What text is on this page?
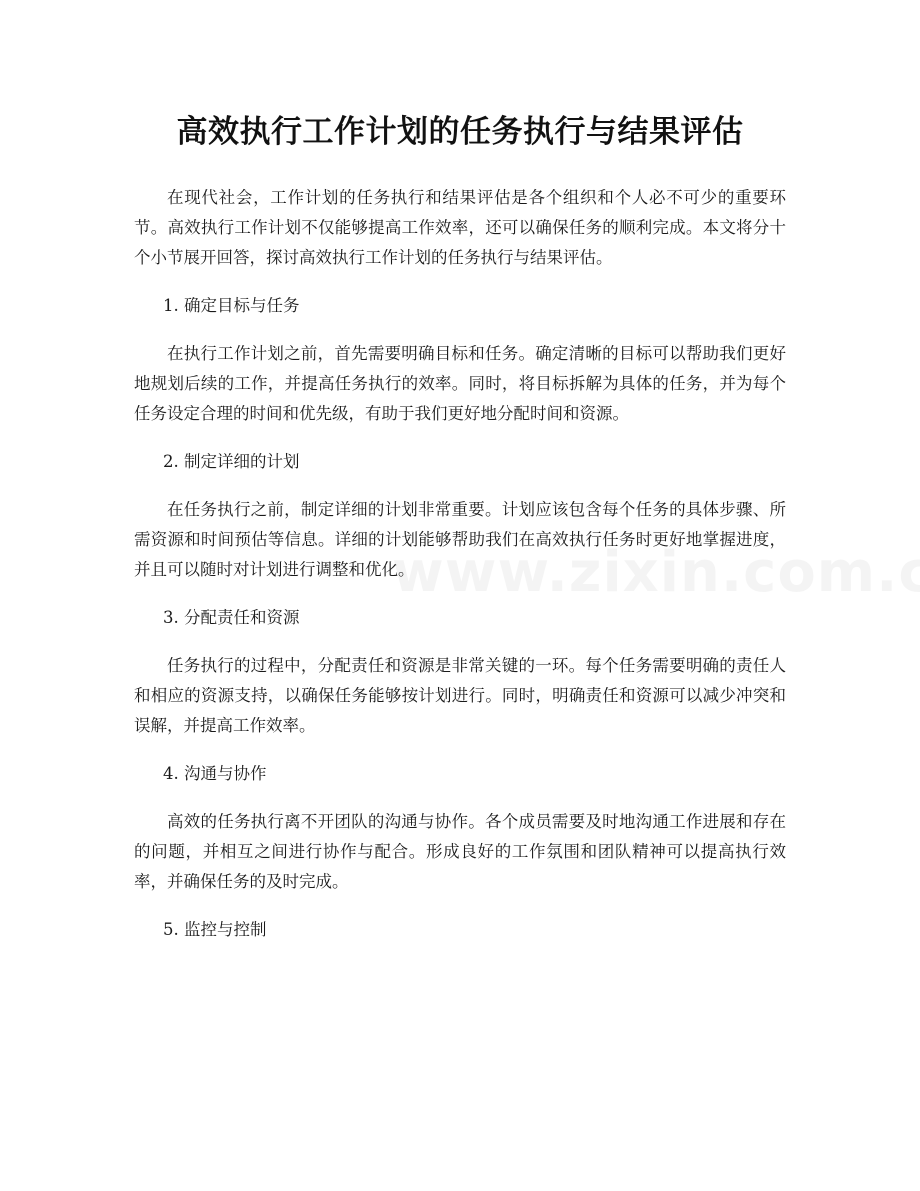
高效执行工作计划的任务执行与结果评估

在现代社会，工作计划的任务执行和结果评估是各个组织和个人必不可少的重要环节。高效执行工作计划不仅能够提高工作效率，还可以确保任务的顺利完成。本文将分十个小节展开回答，探讨高效执行工作计划的任务执行与结果评估。

1. 确定目标与任务

在执行工作计划之前，首先需要明确目标和任务。确定清晰的目标可以帮助我们更好地规划后续的工作，并提高任务执行的效率。同时，将目标拆解为具体的任务，并为每个任务设定合理的时间和优先级，有助于我们更好地分配时间和资源。

2. 制定详细的计划

在任务执行之前，制定详细的计划非常重要。计划应该包含每个任务的具体步骤、所需资源和时间预估等信息。详细的计划能够帮助我们在高效执行任务时更好地掌握进度，并且可以随时对计划进行调整和优化。

3. 分配责任和资源

任务执行的过程中，分配责任和资源是非常关键的一环。每个任务需要明确的责任人和相应的资源支持，以确保任务能够按计划进行。同时，明确责任和资源可以减少冲突和误解，并提高工作效率。

4. 沟通与协作

高效的任务执行离不开团队的沟通与协作。各个成员需要及时地沟通工作进展和存在的问题，并相互之间进行协作与配合。形成良好的工作氛围和团队精神可以提高执行效率，并确保任务的及时完成。

5. 监控与控制
